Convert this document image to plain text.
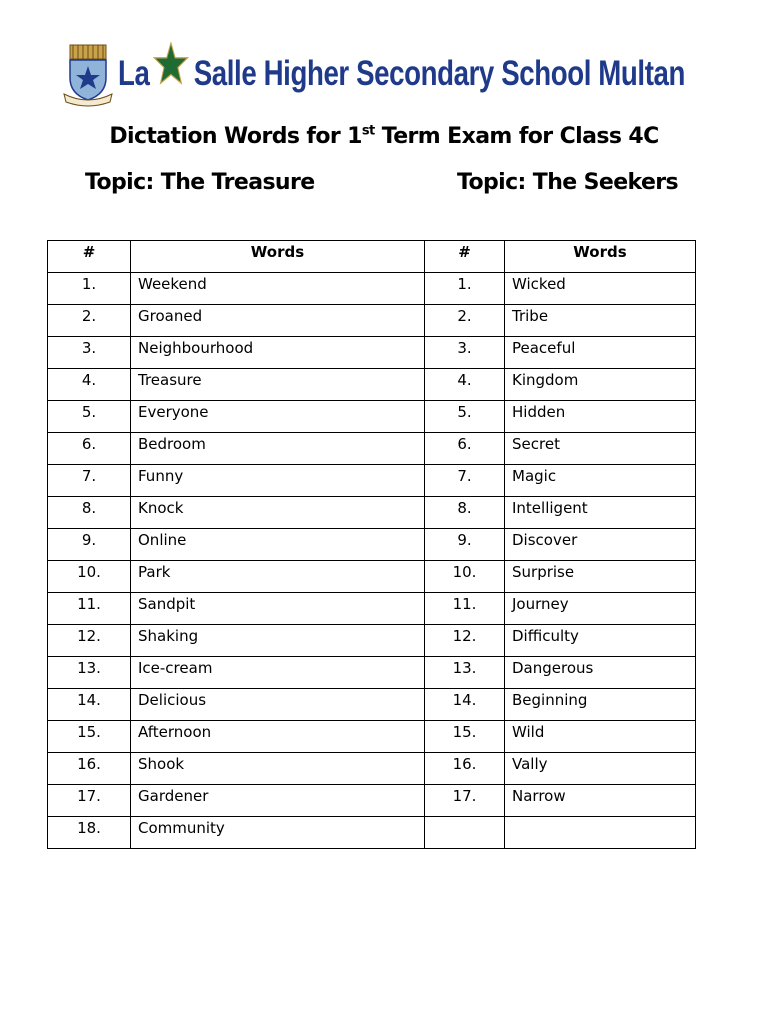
La Salle Higher Secondary School Multan
Dictation Words for 1st Term Exam for Class 4C
Topic: The Treasure	Topic: The Seekers
#	Words	#	Words
1.	Weekend	1.	Wicked
2.	Groaned	2.	Tribe
3.	Neighbourhood	3.	Peaceful
4.	Treasure	4.	Kingdom
5.	Everyone	5.	Hidden
6.	Bedroom	6.	Secret
7.	Funny	7.	Magic
8.	Knock	8.	Intelligent
9.	Online	9.	Discover
10.	Park	10.	Surprise
11.	Sandpit	11.	Journey
12.	Shaking	12.	Difficulty
13.	Ice-cream	13.	Dangerous
14.	Delicious	14.	Beginning
15.	Afternoon	15.	Wild
16.	Shook	16.	Vally
17.	Gardener	17.	Narrow
18.	Community		
